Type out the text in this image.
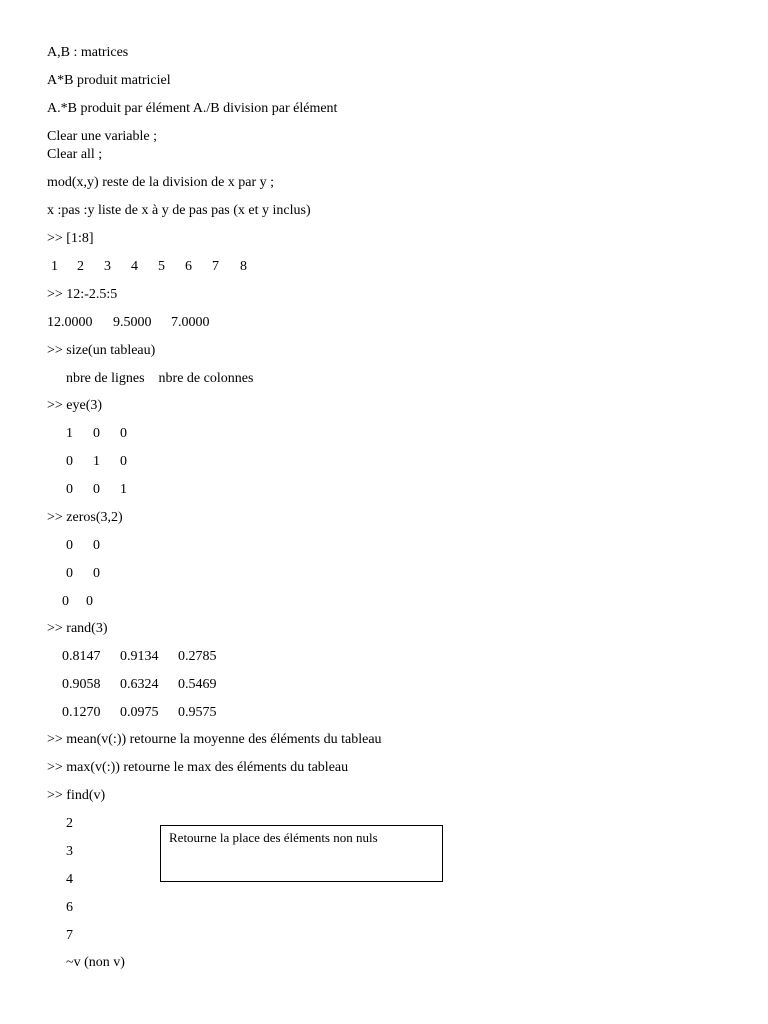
A,B : matrices
A*B produit matriciel
A.*B produit par élément A./B division par élément
Clear une variable ;
Clear all ;
mod(x,y) reste de la division de x par y ;
x :pas :y liste de x à y de pas pas (x et y inclus)
>> [1:8]
1 2 3 4 5 6 7 8
>> 12:-2.5:5
12.0000 9.5000 7.0000
>> size(un tableau)
nbre de lignes    nbre de colonnes
>> eye(3)
1 0 0
0 1 0
0 0 1
>> zeros(3,2)
0 0
0 0
0 0
>> rand(3)
0.8147 0.9134 0.2785
0.9058 0.6324 0.5469
0.1270 0.0975 0.9575
>> mean(v(:)) retourne la moyenne des éléments du tableau
>> max(v(:)) retourne le max des éléments du tableau
>> find(v)
2
3
4
6
7
Retourne la place des éléments non nuls
~v (non v)
